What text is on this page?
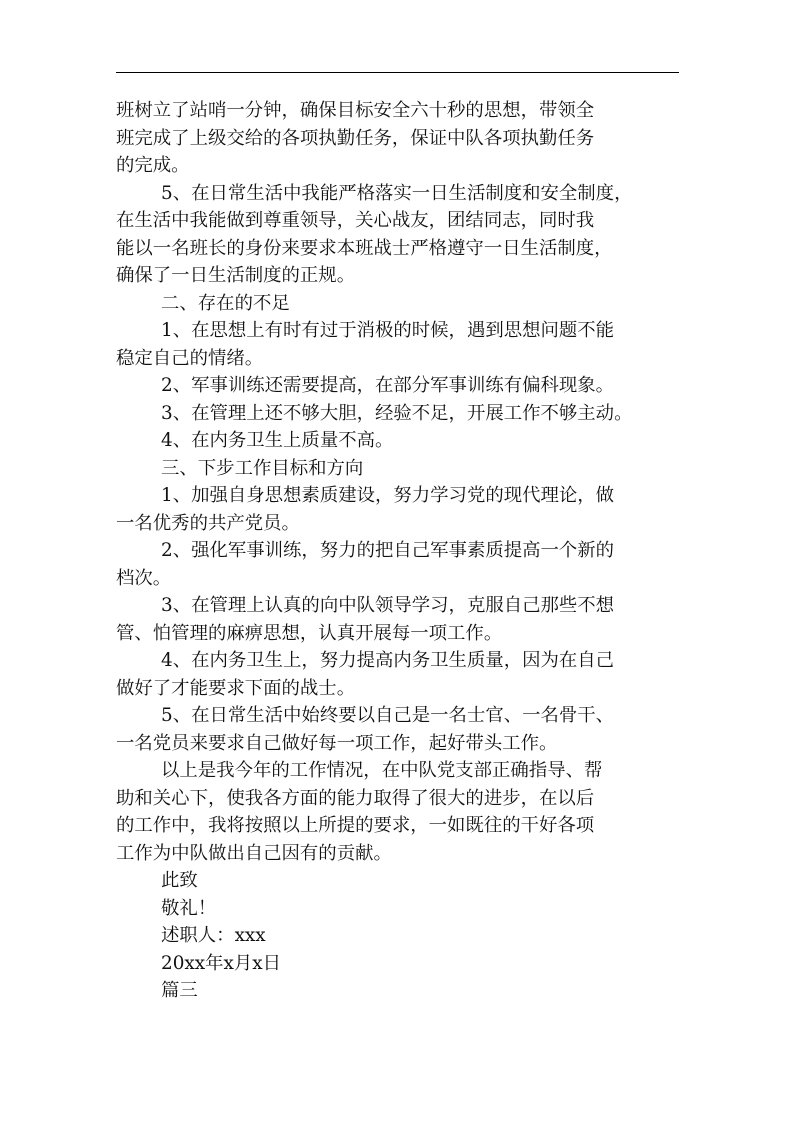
班树立了站哨一分钟，确保目标安全六十秒的思想，带领全
班完成了上级交给的各项执勤任务，保证中队各项执勤任务
的完成。
5、在日常生活中我能严格落实一日生活制度和安全制度，
在生活中我能做到尊重领导，关心战友，团结同志，同时我
能以一名班长的身份来要求本班战士严格遵守一日生活制度，
确保了一日生活制度的正规。
二、存在的不足
1、在思想上有时有过于消极的时候，遇到思想问题不能
稳定自己的情绪。
2、军事训练还需要提高，在部分军事训练有偏科现象。
3、在管理上还不够大胆，经验不足，开展工作不够主动。
4、在内务卫生上质量不高。
三、下步工作目标和方向
1、加强自身思想素质建设，努力学习党的现代理论，做
一名优秀的共产党员。
2、强化军事训练，努力的把自己军事素质提高一个新的
档次。
3、在管理上认真的向中队领导学习，克服自己那些不想
管、怕管理的麻痹思想，认真开展每一项工作。
4、在内务卫生上，努力提高内务卫生质量，因为在自己
做好了才能要求下面的战士。
5、在日常生活中始终要以自己是一名士官、一名骨干、
一名党员来要求自己做好每一项工作，起好带头工作。
以上是我今年的工作情况，在中队党支部正确指导、帮
助和关心下，使我各方面的能力取得了很大的进步，在以后
的工作中，我将按照以上所提的要求，一如既往的干好各项
工作为中队做出自己因有的贡献。
此致
敬礼！
述职人：xxx
20xx年x月x日
篇三
